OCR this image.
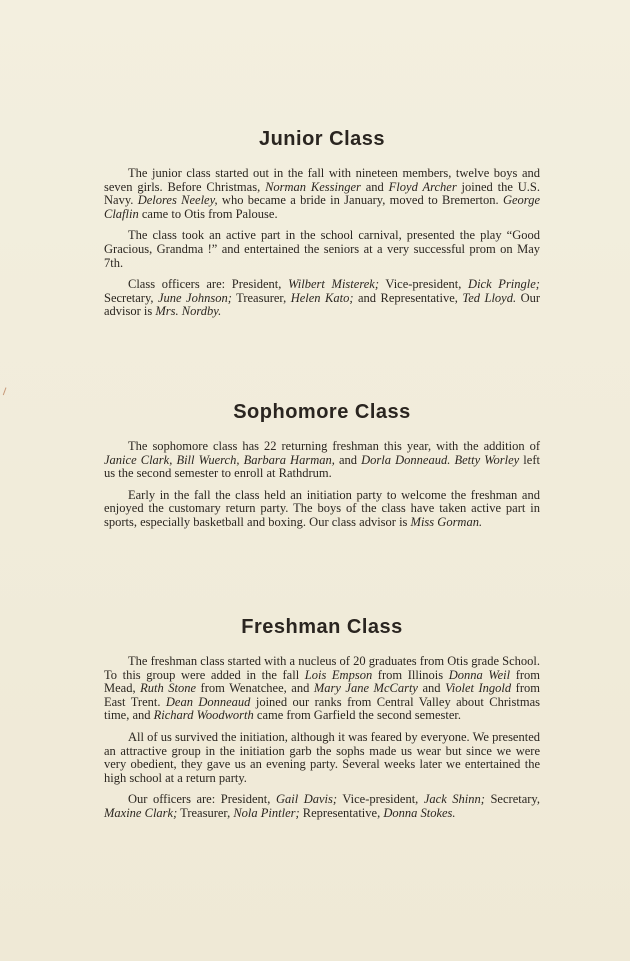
Junior Class

The junior class started out in the fall with nineteen members, twelve boys and seven girls. Before Christmas, Norman Kessinger and Floyd Archer joined the U.S. Navy. Delores Neeley, who became a bride in January, moved to Bremerton. George Claflin came to Otis from Palouse.

The class took an active part in the school carnival, presented the play “Good Gracious, Grandma !” and entertained the seniors at a very successful prom on May 7th.

Class officers are: President, Wilbert Misterek; Vice-president, Dick Pringle; Secretary, June Johnson; Treasurer, Helen Kato; and Representative, Ted Lloyd. Our advisor is Mrs. Nordby.

Sophomore Class

The sophomore class has 22 returning freshman this year, with the addition of Janice Clark, Bill Wuerch, Barbara Harman, and Dorla Donneaud. Betty Worley left us the second semester to enroll at Rathdrum.

Early in the fall the class held an initiation party to welcome the freshman and enjoyed the customary return party. The boys of the class have taken active part in sports, especially basketball and boxing. Our class advisor is Miss Gorman.

Freshman Class

The freshman class started with a nucleus of 20 graduates from Otis grade School. To this group were added in the fall Lois Empson from Illinois Donna Weil from Mead, Ruth Stone from Wenatchee, and Mary Jane McCarty and Violet Ingold from East Trent. Dean Donneaud joined our ranks from Central Valley about Christmas time, and Richard Woodworth came from Garfield the second semester.

All of us survived the initiation, although it was feared by everyone. We presented an attractive group in the initiation garb the sophs made us wear but since we were very obedient, they gave us an evening party. Several weeks later we entertained the high school at a return party.

Our officers are: President, Gail Davis; Vice-president, Jack Shinn; Secretary, Maxine Clark; Treasurer, Nola Pintler; Representative, Donna Stokes.
